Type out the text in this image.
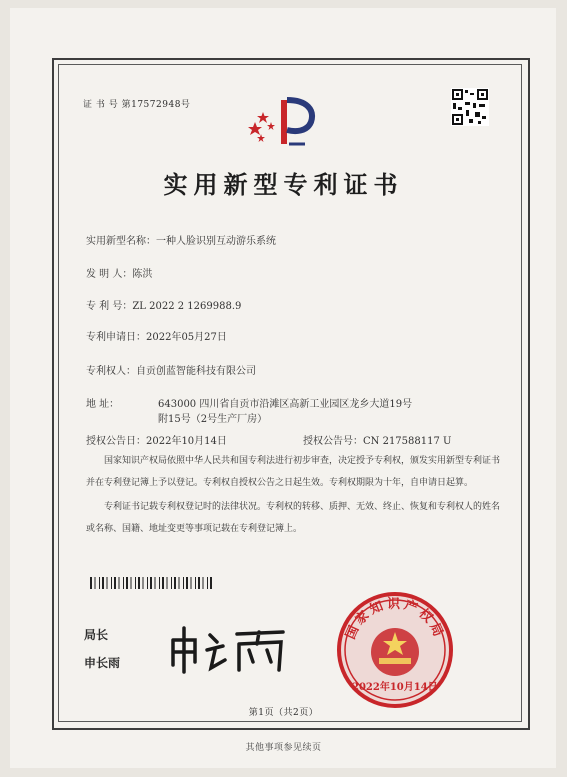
证 书 号 第17572948号
实用新型专利证书
实用新型名称：一种人脸识别互动游乐系统
发 明 人：陈洪
专 利 号：ZL 2022 2 1269988.9
专利申请日：2022年05月27日
专利权人：自贡创蓝智能科技有限公司
地 址：	643000 四川省自贡市沿滩区高新工业园区龙乡大道19号
附15号（2号生产厂房）
授权公告日：2022年10月14日	授权公告号：CN 217588117 U
国家知识产权局依照中华人民共和国专利法进行初步审查，决定授予专利权，颁发实用新型专利证书并在专利登记簿上予以登记。专利权自授权公告之日起生效。专利权期限为十年，自申请日起算。
专利证书记载专利权登记时的法律状况。专利权的转移、质押、无效、终止、恢复和专利权人的姓名或名称、国籍、地址变更等事项记载在专利登记簿上。
局长
申长雨
国家知识产权局
2022年10月14日
第1页（共2页）
其他事项参见续页
